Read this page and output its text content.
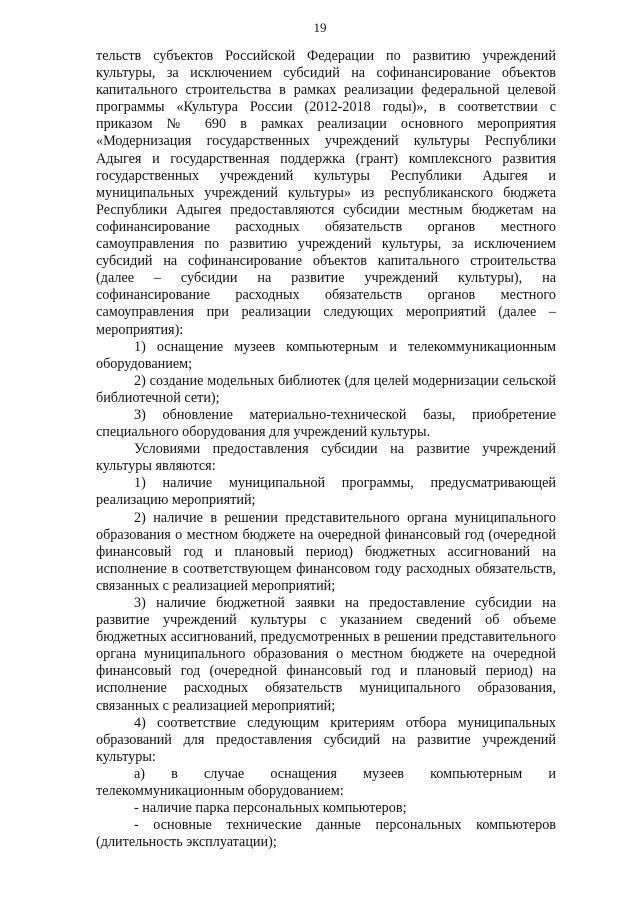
19

тельств субъектов Российской Федерации по развитию учреждений культуры, за исключением субсидий на софинансирование объектов капитального строительства в рамках реализации федеральной целевой программы «Культура России (2012-2018 годы)», в соответствии с приказом № 690 в рамках реализации основного мероприятия «Модернизация государственных учреждений культуры Республики Адыгея и государственная поддержка (грант) комплексного развития государственных учреждений культуры Республики Адыгея и муниципальных учреждений культуры» из республиканского бюджета Республики Адыгея предоставляются субсидии местным бюджетам на софинансирование расходных обязательств органов местного самоуправления по развитию учреждений культуры, за исключением субсидий на софинансирование объектов капитального строительства (далее – субсидии на развитие учреждений культуры), на софинансирование расходных обязательств органов местного самоуправления при реализации следующих мероприятий (далее – мероприятия):

1) оснащение музеев компьютерным и телекоммуникационным оборудованием;

2) создание модельных библиотек (для целей модернизации сельской библиотечной сети);

3) обновление материально-технической базы, приобретение специального оборудования для учреждений культуры.

Условиями предоставления субсидии на развитие учреждений культуры являются:

1) наличие муниципальной программы, предусматривающей реализацию мероприятий;

2) наличие в решении представительного органа муниципального образования о местном бюджете на очередной финансовый год (очередной финансовый год и плановый период) бюджетных ассигнований на исполнение в соответствующем финансовом году расходных обязательств, связанных с реализацией мероприятий;

3) наличие бюджетной заявки на предоставление субсидии на развитие учреждений культуры с указанием сведений об объеме бюджетных ассигнований, предусмотренных в решении представительного органа муниципального образования о местном бюджете на очередной финансовый год (очередной финансовый год и плановый период) на исполнение расходных обязательств муниципального образования, связанных с реализацией мероприятий;

4) соответствие следующим критериям отбора муниципальных образований для предоставления субсидий на развитие учреждений культуры:

а) в случае оснащения музеев компьютерным и телекоммуникационным оборудованием:

- наличие парка персональных компьютеров;

- основные технические данные персональных компьютеров (длительность эксплуатации);
